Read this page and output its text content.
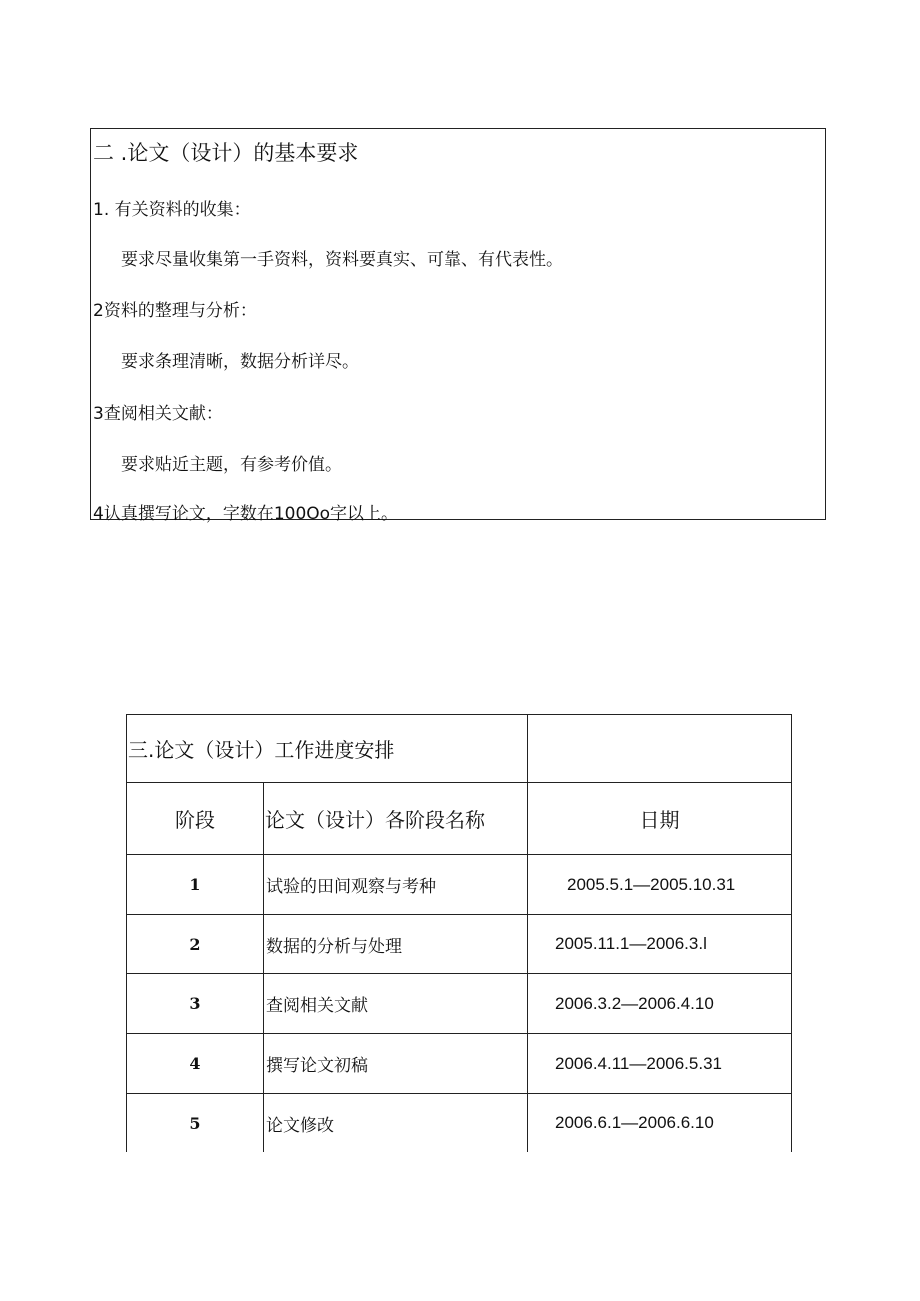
二 .论文（设计）的基本要求
1. 有关资料的收集：
要求尽量收集第一手资料，资料要真实、可靠、有代表性。
2资料的整理与分析：
要求条理清晰，数据分析详尽。
3查阅相关文献：
要求贴近主题，有参考价值。
4认真撰写论文，字数在100Oo字以上。
三.论文（设计）工作进度安排
阶段	论文（设计）各阶段名称	日期
1	试验的田间观察与考种	2005.5.1—2005.10.31
2	数据的分析与处理	2005.11.1—2006.3.l
3	查阅相关文献	2006.3.2—2006.4.10
4	撰写论文初稿	2006.4.11—2006.5.31
5	论文修改	2006.6.1—2006.6.10
